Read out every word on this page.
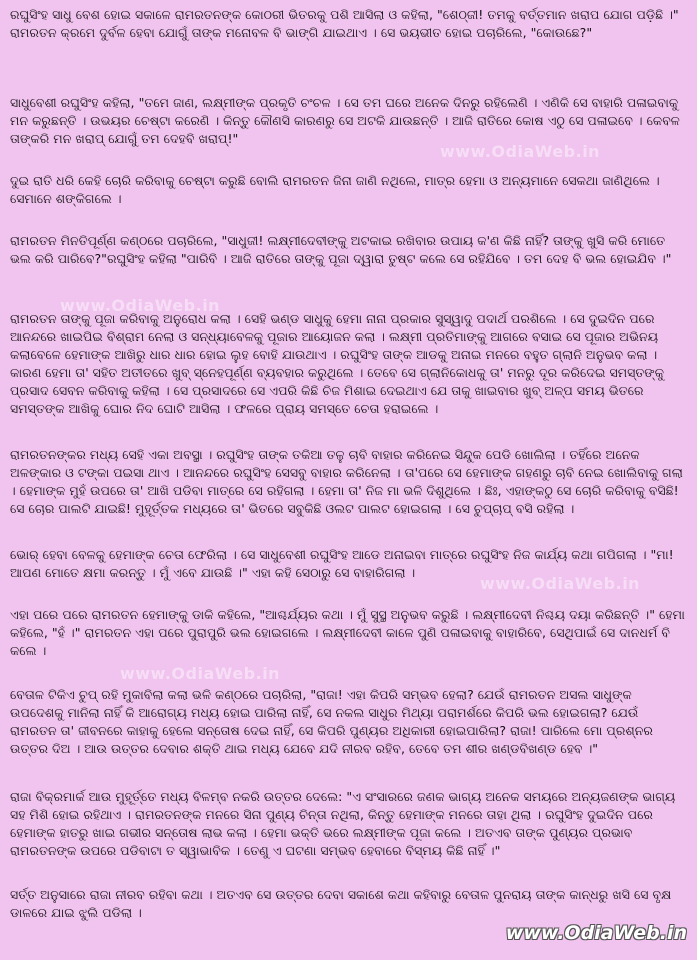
ରଘୁସିଂହ ସାଧୁ ବେଶ ହୋଇ ସକାଳେ ରାମରତନଙ୍କ କୋଠରୀ ଭିତରକୁ ପଶି ଆସିଲା ଓ କହିଲା, "ଶେଠ୍‌ଜୀ! ତମକୁ ବର୍ତ୍ତମାନ ଖରାପ ଯୋଗ ପଡ଼ିଛି ।" ରାମରତନ କ୍ରମେ ଦୁର୍ବଳ ହେବା ଯୋଗୁଁ ତାଙ୍କ ମନୋବଳ ବି ଭାଙ୍ଗି ଯାଇଥାଏ । ସେ ଭୟଭୀତ ହୋଇ ପଚାରିଲେ, "କୋଉଛେ?"

ସାଧୁବେଶୀ ରଘୁସିଂହ କହିଲା, "ତମେ ଜାଣ, ଲକ୍ଷ୍ମୀଙ୍କ ପ୍ରକୃତି ଚଂଚଳ । ସେ ତମ ଘରେ ଅନେକ ଦିନରୁ ରହିଲେଣି । ଏଣିକି ସେ ବାହାରି ପଳାଇବାକୁ ମନ କରୁଛନ୍ତି । ଉଭୟର ଚେଷ୍ଟା କରେଣି । କିନ୍ତୁ କୌଣସି କାରଣରୁ ସେ ଅଟକି ଯାଉଛନ୍ତି । ଆଜି ରାତିରେ କୋଷ ଏଠୁ ସେ ପଳାଇବେ । କେବଳ ତାଙ୍କରି ମନ ଖରାପ୍ ଯୋଗୁଁ ତମ ଦେହବି ଖରାପ୍!"

ଦୁଇ ରାତି ଧରି କେହି ଚୋରି କରିବାକୁ ଚେଷ୍ଟା କରୁଛି ବୋଲି ରାମରତନ ଜିନା ଜାଣି ନଥିଲେ, ମାତ୍ର ହେମା ଓ ଅନ୍ୟମାନେ ସେକଥା ଜାଣିଥିଲେ । ସେମାନେ ଶଙ୍କିଗଲେ ।

ରାମରତନ ମିନତିପୂର୍ଣ୍ଣ କଣ୍ଠରେ ପଚାରିଲେ, "ସାଧୁଜୀ! ଲକ୍ଷ୍ମୀଦେବୀଙ୍କୁ ଅଟକାଇ ରଖିବାର ଉପାୟ କ'ଣ କିଛି ନାହିଁ? ତାଙ୍କୁ ଖୁସି କରି ମୋତେ ଭଲ କରି ପାରିବେ?"ରଘୁସିଂହ କହିଲା "ପାରିବି । ଆଜି ରାତିରେ ତାଙ୍କୁ ପୂଜା ଦ୍ୱାରା ତୁଷ୍ଟ କଲେ ସେ ରହିଯିବେ । ତମ ଦେହ ବି ଭଲ ହୋଇଯିବ ।"

ରାମରତନ ତାଙ୍କୁ ପୂଜା କରିବାକୁ ଅନୁରୋଧ କଲା । ସେହି ଭଣ୍ଡ ସାଧୁକୁ ହେମା ନାନା ପ୍ରକାର ସୁସ୍ୱାଦୁ ପଦାର୍ଥ ପରଶିଲେ । ସେ ଦୁଇଦିନ ପରେ ଆନନ୍ଦରେ ଖାଇପିଇ ବିଶ୍ରାମ ନେଲା ଓ ସନ୍ଧ୍ୟାବେଳକୁ ପୂଜାର ଆୟୋଜନ କଲା । ଲକ୍ଷ୍ମୀ ପ୍ରତିମାଙ୍କୁ ଆଗରେ ବସାଇ ସେ ପୂଜାର ଅଭିନୟ କଲାବେଳେ ହେମାଙ୍କ ଆଖିରୁ ଧାର ଧାର ହୋଇ ଲୁହ ବୋହି ଯାଉଥାଏ । ରଘୁସିଂହ ତାଙ୍କ ଆଡକୁ ଅନାଇ ମନରେ ବହୁତ ଗ୍ଲାନି ଅନୁଭବ କଲା । କାରଣ ହେମା ତା' ସହିତ ଅତୀତରେ ଖୁବ୍ ସ୍ନେହପୂର୍ଣ୍ଣ ବ୍ୟବହାର କରୁଥିଲେ । ତେବେ ସେ ଗ୍ଲାନିକୋଧକୁ ତା' ମନରୁ ଦୂର କରିଦେଇ ସମସ୍ତଙ୍କୁ ପ୍ରସାଦ ସେବନ କରିବାକୁ କହିଲା । ସେ ପ୍ରସାଦରେ ସେ ଏପରି କିଛି ଚିଜ ମିଶାଇ ଦେଇଥାଏ ଯେ ତାକୁ ଖାଇବାର ଖୁବ୍ ଅଳ୍ପ ସମୟ ଭିତରେ ସମସ୍ତଙ୍କ ଆଖିକୁ ଘୋର ନିଦ ଘୋଟି ଆସିଲା । ଫଳରେ ପ୍ରାୟ ସମସ୍ତେ ଚେତା ହରାଇଲେ ।

ରାମରତନଙ୍କର ମଧ୍ୟ ସେହି ଏକା ଅବସ୍ଥା । ରଘୁସିଂହ ତାଙ୍କ ତକିଆ ତଳୁ ଚାବି ବାହାର କରିନେଇ ସିନ୍ଦୁକ ପେଡି ଖୋଲିଲା । ତହିଁରେ ଅନେକ ଅଳଙ୍କାର ଓ ଟଙ୍କା ପଇସା ଥାଏ । ଆନନ୍ଦରେ ରଘୁସିଂହ ସେସବୁ ବାହାର କରିନେଲା । ତା'ପରେ ସେ ହେମାଙ୍କ ଗହଣରୁ ଚାବି ନେଇ ଖୋଲିବାକୁ ଗଲା । ହେମାଙ୍କ ମୁହଁ ଉପରେ ତା' ଆଖି ପଡିବା ମାତ୍ରେ ସେ ରହିଗଲା । ହେମା ତା' ନିଜ ମା ଭଳି ଦିଶୁଥିଲେ । ଛିଃ, ଏହାଙ୍କଠୁ ସେ ଚୋରି କରିବାକୁ ବସିଛି! ସେ ଚୋର ପାଲଟି ଯାଇଛି! ମୁହୂର୍ତ୍ତକ ମଧ୍ୟରେ ତା' ଭିତରେ ସବୁକିଛି ଓଲଟ ପାଲଟ ହୋଇଗଲା । ସେ ଚୁପ୍‌ଚାପ୍ ବସି ରହିଲା ।

ଭୋର୍ ହେବା ବେଳକୁ ହେମାଙ୍କ ଚେତା ଫେରିଲା । ସେ ସାଧୁବେଶୀ ରଘୁସିଂହ ଆଡେ ଅନାଇବା ମାତ୍ରେ ରଘୁସିଂହ ନିଜ କାର୍ଯ୍ୟ କଥା ଗପିଗଲା । "ମା! ଆପଣ ମୋତେ କ୍ଷମା କରନ୍ତୁ । ମୁଁ ଏବେ ଯାଉଛି ।" ଏହା କହି ସେଠାରୁ ସେ ବାହାରିଗଲା ।

ଏହା ପରେ ପରେ ରାମରତନ ହେମାଙ୍କୁ ଡାକି କହିଲେ, "ଆଶ୍ଚର୍ଯ୍ୟର କଥା । ମୁଁ ସୁସ୍ଥ ଅନୁଭବ କରୁଛି । ଲକ୍ଷ୍ମୀଦେବୀ ନିଶ୍ଚୟ ଦୟା କରିଛନ୍ତି ।" ହେମା କହିଲେ, "ହଁ ।" ରାମରତନ ଏହା ପରେ ପୁରାପୁରି ଭଲ ହୋଇଗଲେ । ଲକ୍ଷ୍ମୀଦେବୀ କାଳେ ପୁଣି ପଳାଇବାକୁ ବାହାରିବେ, ସେଥିପାଇଁ ସେ ଦାନଧର୍ମ ବି କଲେ ।

ବେତାଳ ଟିକିଏ ଚୁପ୍ ରହି ମୁକାବିଲା କଲା ଭଳି କଣ୍ଠରେ ପଚାରିଲା, "ରାଜା! ଏହା କିପରି ସମ୍ଭବ ହେଲା? ଯେଉଁ ରାମରତନ ଅସଲ ସାଧୁଙ୍କ ଉପଦେଶକୁ ମାନିଲା ନାହିଁ କି ଆରୋଗ୍ୟ ମଧ୍ୟ ହୋଇ ପାରିଲା ନାହିଁ, ସେ ନକଲ ସାଧୁର ମିଥ୍ୟା ପରାମର୍ଶରେ କିପରି ଭଲ ହୋଇଗଲା? ଯେଉଁ ରାମରତନ ତା' ଜୀବନରେ କାହାକୁ ହେଲେ ସନ୍ତୋଷ ଦେଇ ନାହିଁ, ସେ କିପରି ପୁଣ୍ୟର ଅଧିକାରୀ ହୋଇପାରିଲା? ରାଜା! ପାରିଲେ ମୋ ପ୍ରଶ୍ନର ଉତ୍ତର ଦିଅ । ଆଉ ଉତ୍ତର ଦେବାର ଶକ୍ତି ଥାଇ ମଧ୍ୟ ଯେବେ ଯଦି ନୀରବ ରହିବ, ତେବେ ତମ ଶୀର ଖଣ୍ଡବିଖଣ୍ଡ ହେବ ।"

ରାଜା ବିକ୍ରମାର୍କ ଆଉ ମୁହୂର୍ତ୍ତେ ମଧ୍ୟ ବିଳମ୍ବ ନକରି ଉତ୍ତର ଦେଲେ: "ଏ ସଂସାରରେ ଜଣକ ଭାଗ୍ୟ ଅନେକ ସମୟରେ ଅନ୍ୟଜଣଙ୍କ ଭାଗ୍ୟ ସହ ମିଶି ହୋଇ ରହିଥାଏ । ରାମରତନଙ୍କ ମନରେ ସିନା ପୁଣ୍ୟ ଚିନ୍ତା ନଥିଲା, କିନ୍ତୁ ହେମାଙ୍କ ମନରେ ତାହା ଥିଲା । ରଘୁସିଂହ ଦୁଇଦିନ ପରେ ହେମାଙ୍କ ହାତରୁ ଖାଇ ଗଭୀର ସନ୍ତୋଷ ଲାଭ କଲା । ହେମା ଭକ୍ତି ଭରେ ଲକ୍ଷ୍ମୀଙ୍କ ପୂଜା କଲେ । ଅତଏବ ତାଙ୍କ ପୁଣ୍ୟର ପ୍ରଭାବ ରାମରତନଙ୍କ ଉପରେ ପଡିବାଟା ତ ସ୍ୱାଭାବିକ । ତେଣୁ ଏ ଘଟଣା ସମ୍ଭବ ହେବାରେ ବିସ୍ମୟ କିଛି ନାହିଁ ।"

ସର୍ତ୍ତ ଅନୁସାରେ ରାଜା ନୀରବ ରହିବା କଥା । ଅତଏବ ସେ ଉତ୍ତର ଦେବା ସକାଶେ କଥା କହିବାରୁ ବେତାଳ ପୁନରାୟ ତାଙ୍କ କାନ୍ଧରୁ ଖସି ସେ ବୃକ୍ଷ ଡାଳରେ ଯାଇ ଝୁଲି ପଡିଲା ।

www.OdiaWeb.in
www.OdiaWeb.in
www.OdiaWeb.in
www.OdiaWeb.in
www.OdiaWeb.in
